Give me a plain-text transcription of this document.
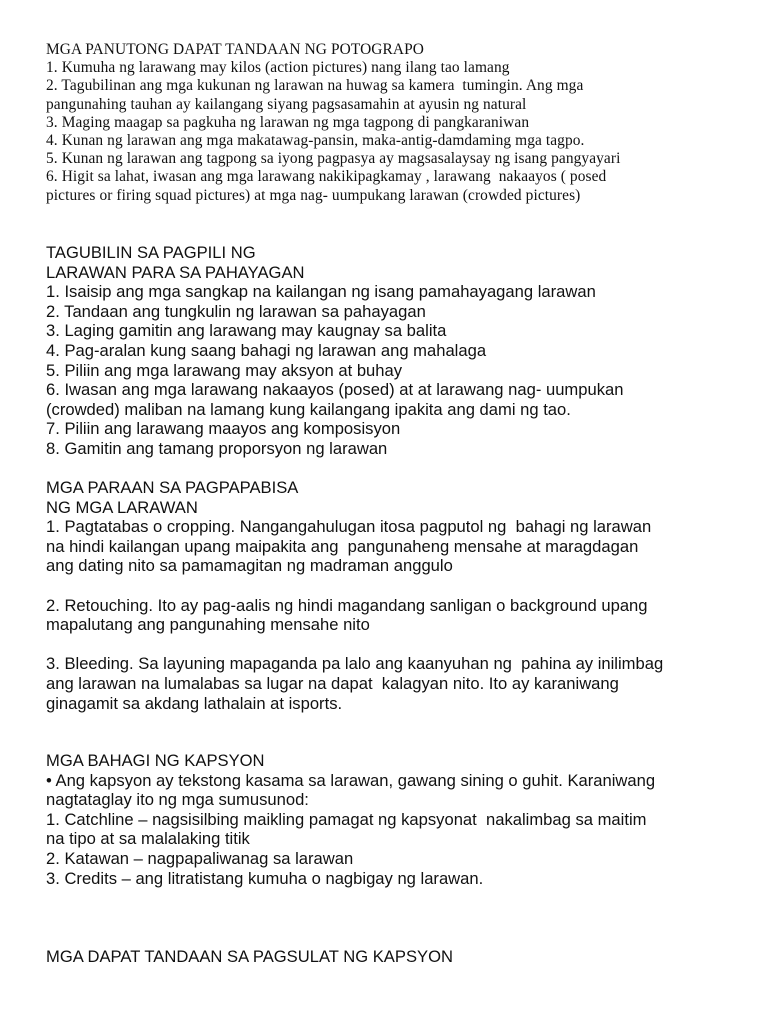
MGA PANUTONG DAPAT TANDAAN NG POTOGRAPO
1. Kumuha ng larawang may kilos (action pictures) nang ilang tao lamang
2. Tagubilinan ang mga kukunan ng larawan na huwag sa kamera  tumingin. Ang mga
pangunahing tauhan ay kailangang siyang pagsasamahin at ayusin ng natural
3. Maging maagap sa pagkuha ng larawan ng mga tagpong di pangkaraniwan
4. Kunan ng larawan ang mga makatawag-pansin, maka-antig-damdaming mga tagpo.
5. Kunan ng larawan ang tagpong sa iyong pagpasya ay magsasalaysay ng isang pangyayari
6. Higit sa lahat, iwasan ang mga larawang nakikipagkamay , larawang  nakaayos ( posed
pictures or firing squad pictures) at mga nag- uumpukang larawan (crowded pictures)
TAGUBILIN SA PAGPILI NG
LARAWAN PARA SA PAHAYAGAN
1. Isaisip ang mga sangkap na kailangan ng isang pamahayagang larawan
2. Tandaan ang tungkulin ng larawan sa pahayagan
3. Laging gamitin ang larawang may kaugnay sa balita
4. Pag-aralan kung saang bahagi ng larawan ang mahalaga
5. Piliin ang mga larawang may aksyon at buhay
6. Iwasan ang mga larawang nakaayos (posed) at at larawang nag- uumpukan
(crowded) maliban na lamang kung kailangang ipakita ang dami ng tao.
7. Piliin ang larawang maayos ang komposisyon
8. Gamitin ang tamang proporsyon ng larawan
MGA PARAAN SA PAGPAPABISA
NG MGA LARAWAN
1. Pagtatabas o cropping. Nangangahulugan itosa pagputol ng  bahagi ng larawan
na hindi kailangan upang maipakita ang  pangunaheng mensahe at maragdagan
ang dating nito sa pamamagitan ng madraman anggulo
2. Retouching. Ito ay pag-aalis ng hindi magandang sanligan o background upang
mapalutang ang pangunahing mensahe nito
3. Bleeding. Sa layuning mapaganda pa lalo ang kaanyuhan ng  pahina ay inilimbag
ang larawan na lumalabas sa lugar na dapat  kalagyan nito. Ito ay karaniwang
ginagamit sa akdang lathalain at isports.
MGA BAHAGI NG KAPSYON
• Ang kapsyon ay tekstong kasama sa larawan, gawang sining o guhit. Karaniwang
nagtataglay ito ng mga sumusunod:
1. Catchline – nagsisilbing maikling pamagat ng kapsyonat  nakalimbag sa maitim
na tipo at sa malalaking titik
2. Katawan – nagpapaliwanag sa larawan
3. Credits – ang litratistang kumuha o nagbigay ng larawan.
MGA DAPAT TANDAAN SA PAGSULAT NG KAPSYON
